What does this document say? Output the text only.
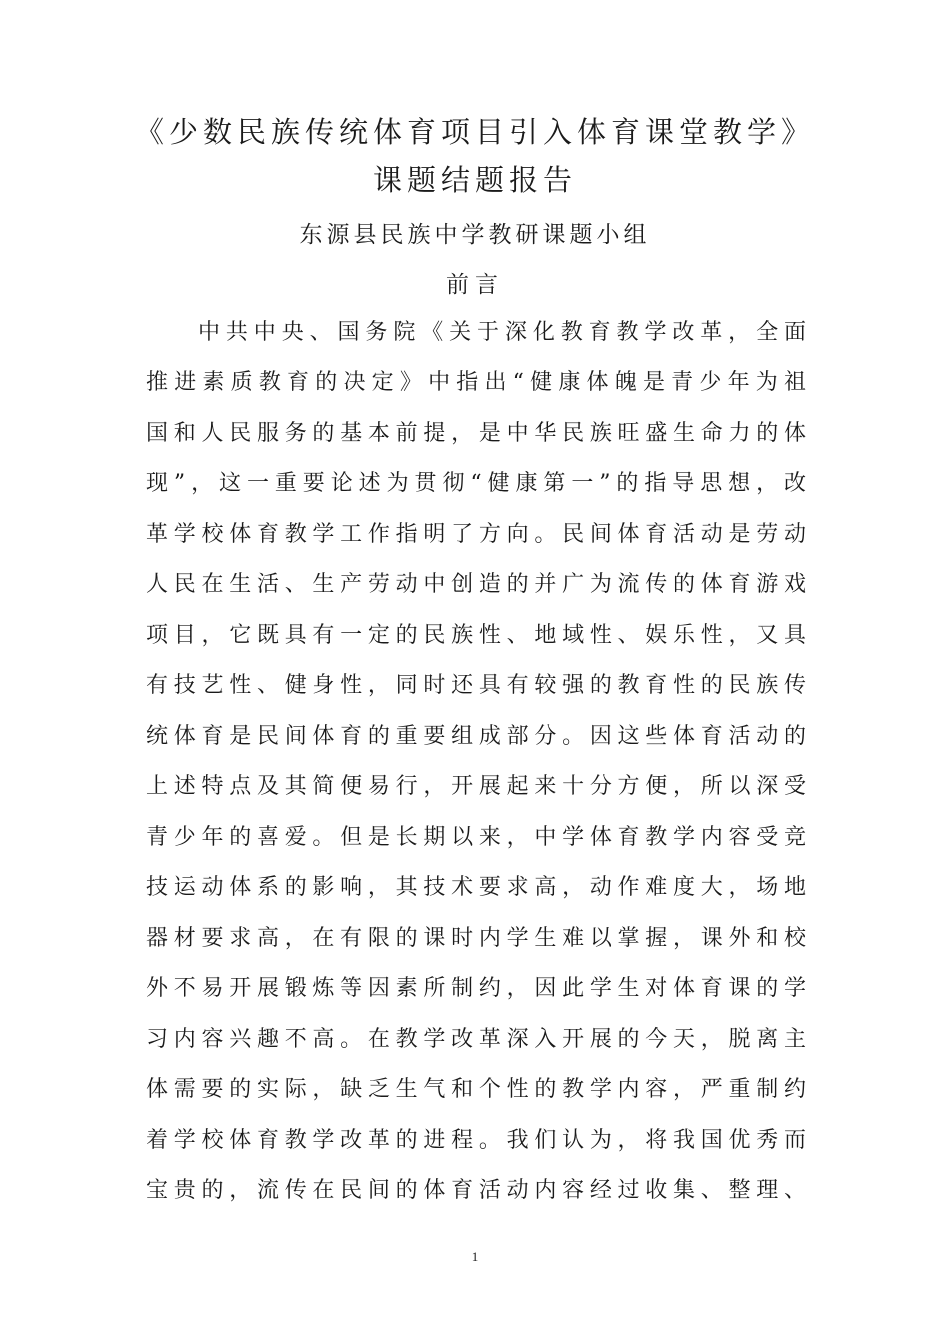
《少数民族传统体育项目引入体育课堂教学》
课题结题报告
东源县民族中学教研课题小组
前言
中共中央、国务院《关于深化教育教学改革，全面
推进素质教育的决定》中指出“健康体魄是青少年为祖
国和人民服务的基本前提，是中华民族旺盛生命力的体
现”，这一重要论述为贯彻“健康第一”的指导思想，改
革学校体育教学工作指明了方向。民间体育活动是劳动
人民在生活、生产劳动中创造的并广为流传的体育游戏
项目，它既具有一定的民族性、地域性、娱乐性，又具
有技艺性、健身性，同时还具有较强的教育性的民族传
统体育是民间体育的重要组成部分。因这些体育活动的
上述特点及其简便易行，开展起来十分方便，所以深受
青少年的喜爱。但是长期以来，中学体育教学内容受竞
技运动体系的影响，其技术要求高，动作难度大，场地
器材要求高，在有限的课时内学生难以掌握，课外和校
外不易开展锻炼等因素所制约，因此学生对体育课的学
习内容兴趣不高。在教学改革深入开展的今天，脱离主
体需要的实际，缺乏生气和个性的教学内容，严重制约
着学校体育教学改革的进程。我们认为，将我国优秀而
宝贵的，流传在民间的体育活动内容经过收集、整理、
1
